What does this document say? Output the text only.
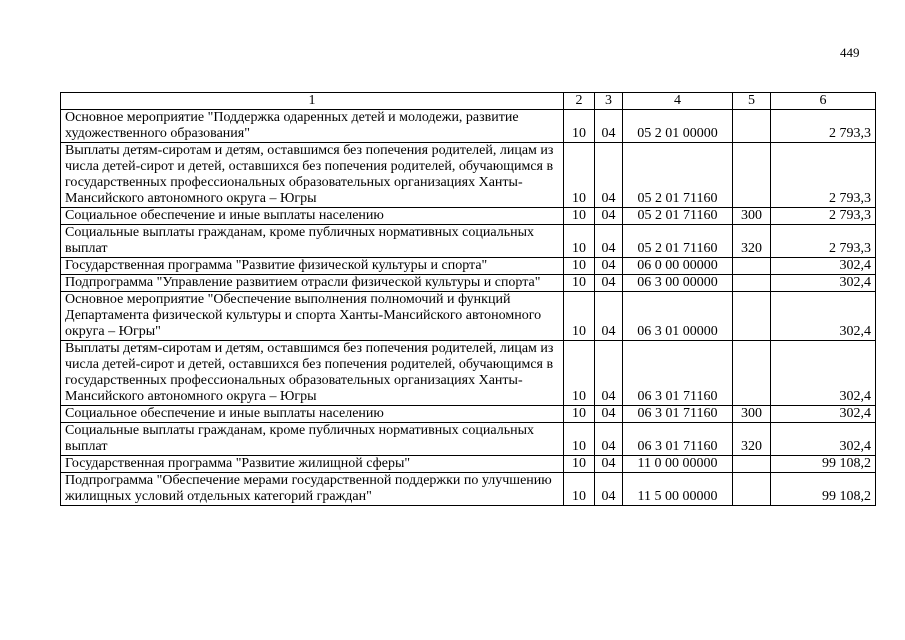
449
1	2	3	4	5	6
Основное мероприятие "Поддержка одаренных детей и молодежи, развитие художественного образования"	10	04	05 2 01 00000		2 793,3
Выплаты детям-сиротам и детям, оставшимся без попечения родителей, лицам из числа детей-сирот и детей, оставшихся без попечения родителей, обучающимся в государственных профессиональных образовательных организациях Ханты-Мансийского автономного округа – Югры	10	04	05 2 01 71160		2 793,3
Социальное обеспечение и иные выплаты населению	10	04	05 2 01 71160	300	2 793,3
Социальные выплаты гражданам, кроме публичных нормативных социальных выплат	10	04	05 2 01 71160	320	2 793,3
Государственная программа "Развитие физической культуры и спорта"	10	04	06 0 00 00000		302,4
Подпрограмма "Управление развитием отрасли физической культуры и спорта"	10	04	06 3 00 00000		302,4
Основное мероприятие "Обеспечение выполнения полномочий и функций Департамента физической культуры и спорта Ханты-Мансийского автономного округа – Югры"	10	04	06 3 01 00000		302,4
Выплаты детям-сиротам и детям, оставшимся без попечения родителей, лицам из числа детей-сирот и детей, оставшихся без попечения родителей, обучающимся в государственных профессиональных образовательных организациях Ханты-Мансийского автономного округа – Югры	10	04	06 3 01 71160		302,4
Социальное обеспечение и иные выплаты населению	10	04	06 3 01 71160	300	302,4
Социальные выплаты гражданам, кроме публичных нормативных социальных выплат	10	04	06 3 01 71160	320	302,4
Государственная программа "Развитие жилищной сферы"	10	04	11 0 00 00000		99 108,2
Подпрограмма "Обеспечение мерами государственной поддержки по улучшению жилищных условий отдельных категорий граждан"	10	04	11 5 00 00000		99 108,2
